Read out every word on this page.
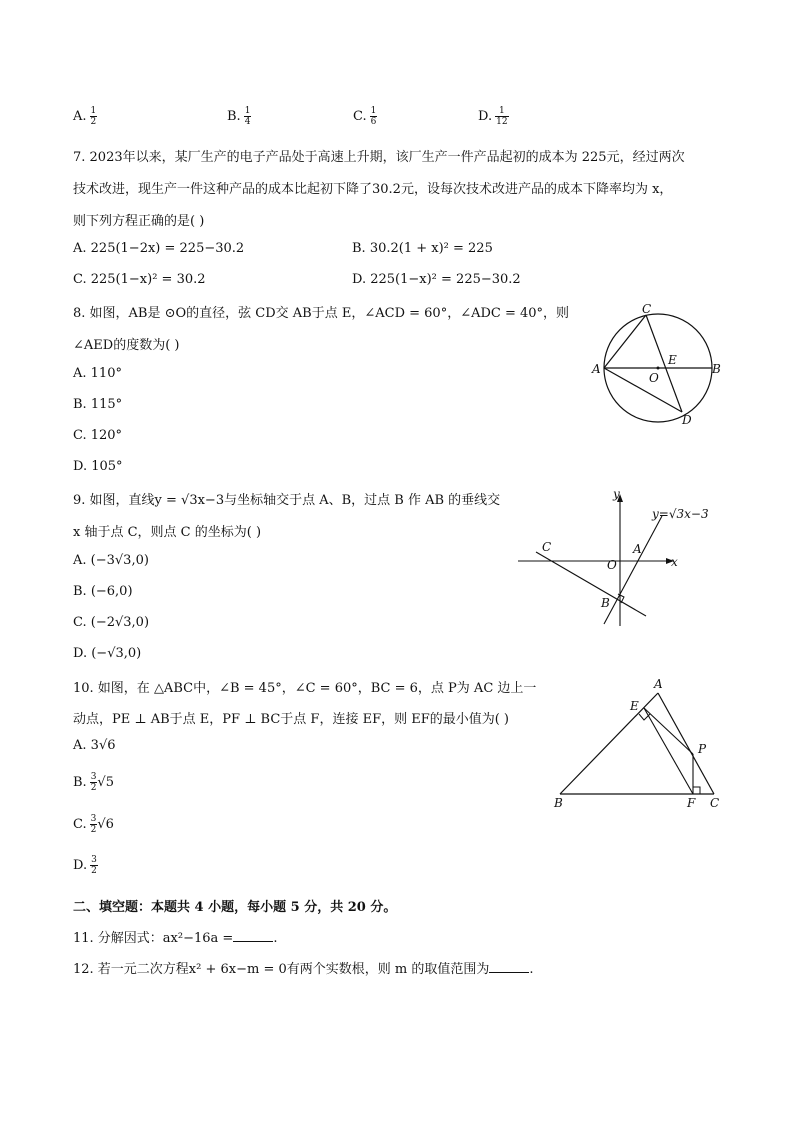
A. $\frac{1}{2}$	B. $\frac{1}{4}$	C. $\frac{1}{6}$	D. $\frac{1}{12}$
7. 2023年以来，某厂生产的电子产品处于高速上升期，该厂生产一件产品起初的成本为 225元，经过两次
技术改进，现生产一件这种产品的成本比起初下降了30.2元，设每次技术改进产品的成本下降率均为 x，
则下列方程正确的是( )
A. 225(1−2x) = 225−30.2	B. 30.2(1 + x)² = 225
C. 225(1−x)² = 30.2	D. 225(1−x)² = 225−30.2
8. 如图，AB是 ⊙O的直径，弦 CD交 AB于点 E，∠ACD = 60°，∠ADC = 40°，则
∠AED的度数为( )
A. 110°
B. 115°
C. 120°
D. 105°
A	B
C
D
E
O
9. 如图，直线y = √3x−3与坐标轴交于点 A、B，过点 B 作 AB 的垂线交
x 轴于点 C，则点 C 的坐标为( )
A. (−3√3,0)
B. (−6,0)
C. (−2√3,0)
D. (−√3,0)
y
x
y=√3x−3
C	A
O
B
10. 如图，在 △ABC中，∠B = 45°，∠C = 60°，BC = 6，点 P为 AC 边上一
动点，PE ⊥ AB于点 E，PF ⊥ BC于点 F，连接 EF，则 EF的最小值为( )
A. 3√6
B. $\frac{3}{2} √5$
C. $\frac{3}{2} √6$
D. $\frac{3}{2}$
A
E
P
B	F C
二、填空题：本题共 4 小题，每小题 5 分，共 20 分。
11. 分解因式：ax²−16a =	.
12. 若一元二次方程x² + 6x−m = 0有两个实数根，则 m 的取值范围为	.
